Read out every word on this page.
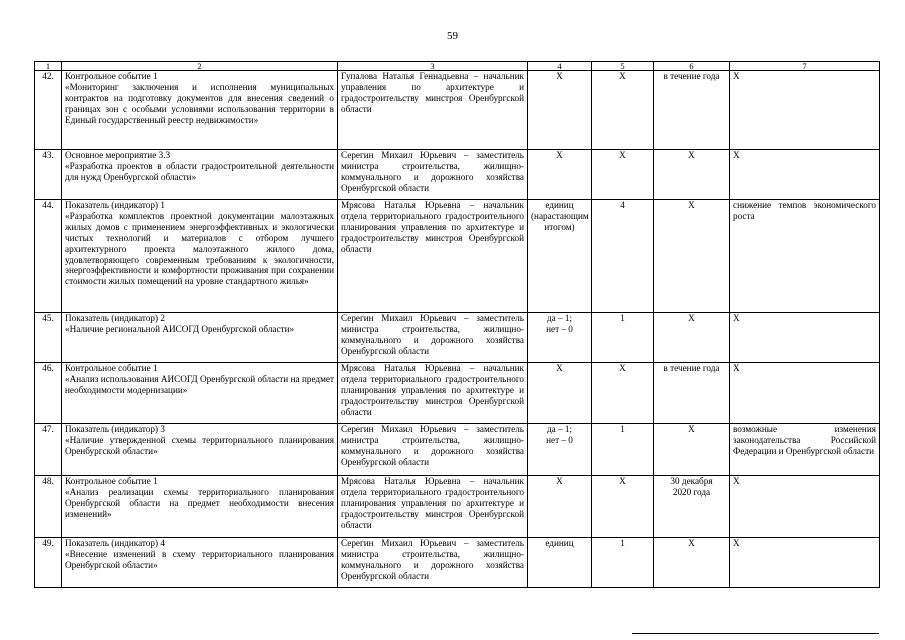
59
1	2	3	4	5	6	7
42.	Контрольное событие 1
«Мониторинг заключения и исполнения муниципальных контрактов на подготовку документов для внесения сведений о границах зон с особыми условиями использования территории в Единый государственный реестр недвижимости»	Гупалова Наталья Геннадьевна – начальник управления по архитектуре и градостроительству минстроя Оренбургской области	Х	Х	в течение года	Х
43.	Основное мероприятие 3.3
«Разработка проектов в области градостроительной деятельности для нужд Оренбургской области»	Серегин Михаил Юрьевич – заместитель министра строительства, жилищно-коммунального и дорожного хозяйства Оренбургской области	Х	Х	Х	Х
44.	Показатель (индикатор) 1
«Разработка комплектов проектной документации малоэтажных жилых домов с применением энергоэффективных и экологически чистых технологий и материалов с отбором лучшего архитектурного проекта малоэтажного жилого дома, удовлетворяющего современным требованиям к экологичности, энергоэффективности и комфортности проживания при сохранении стоимости жилых помещений на уровне стандартного жилья»	Мрясова Наталья Юрьевна – начальник отдела территориального градостроительного планирования управления по архитектуре и градостроительству минстроя Оренбургской области	единиц (нарастающим итогом)	4	Х	снижение темпов экономического роста
45.	Показатель (индикатор) 2
«Наличие региональной АИСОГД Оренбургской области»	Серегин Михаил Юрьевич – заместитель министра строительства, жилищно-коммунального и дорожного хозяйства Оренбургской области	да – 1;
нет – 0	1	Х	Х
46.	Контрольное событие 1
«Анализ использования АИСОГД Оренбургской области на предмет необходимости модернизации»	Мрясова Наталья Юрьевна – начальник отдела территориального градостроительного планирования управления по архитектуре и градостроительству минстроя Оренбургской области	Х	Х	в течение года	Х
47.	Показатель (индикатор) 3
«Наличие утвержденной схемы территориального планирования Оренбургской области»	Серегин Михаил Юрьевич – заместитель министра строительства, жилищно-коммунального и дорожного хозяйства Оренбургской области	да – 1;
нет – 0	1	Х	возможные изменения законодательства Российской Федерации и Оренбургской области
48.	Контрольное событие 1
«Анализ реализации схемы территориального планирования Оренбургской области на предмет необходимости внесения изменений»	Мрясова Наталья Юрьевна – начальник отдела территориального градостроительного планирования управления по архитектуре и градостроительству минстроя Оренбургской области	Х	Х	30 декабря
2020 года	Х
49.	Показатель (индикатор) 4
«Внесение изменений в схему территориального планирования Оренбургской области»	Серегин Михаил Юрьевич – заместитель министра строительства, жилищно-коммунального и дорожного хозяйства Оренбургской области	единиц	1	Х	Х
